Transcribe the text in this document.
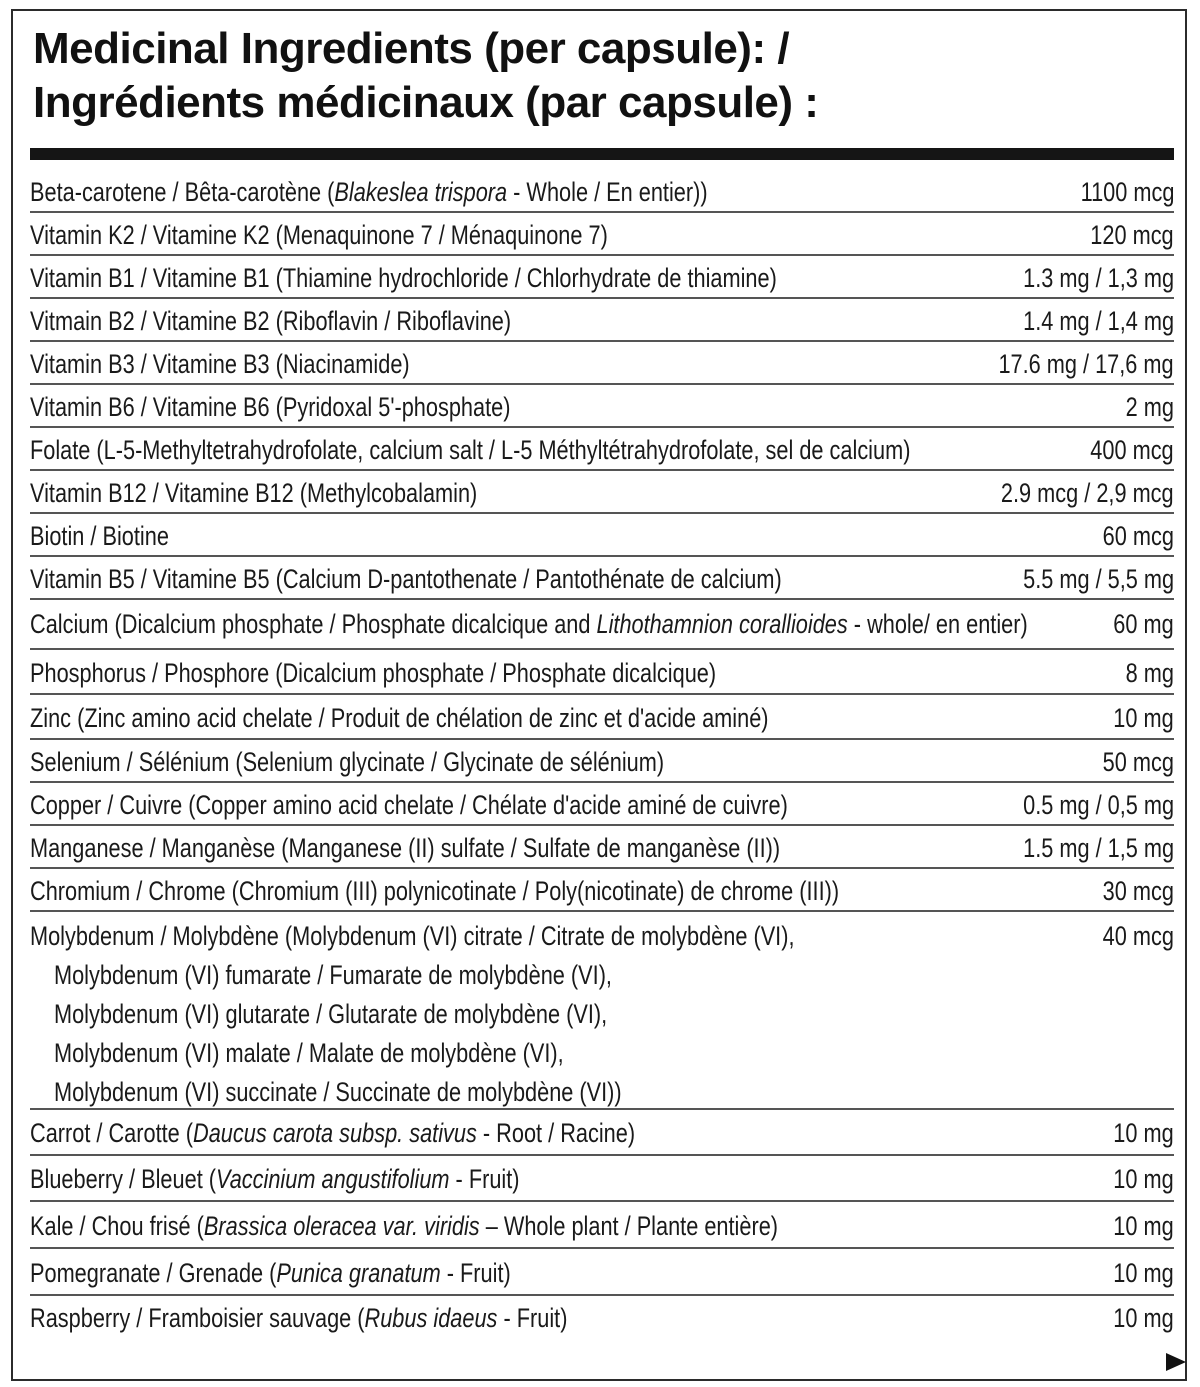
Medicinal Ingredients (per capsule): /
Ingrédients médicinaux (par capsule) :
Beta-carotene / Bêta-carotène (Blakeslea trispora - Whole / En entier))	1100 mcg
Vitamin K2 / Vitamine K2 (Menaquinone 7 / Ménaquinone 7)	120 mcg
Vitamin B1 / Vitamine B1 (Thiamine hydrochloride / Chlorhydrate de thiamine)	1.3 mg / 1,3 mg
Vitmain B2 / Vitamine B2 (Riboflavin / Riboflavine)	1.4 mg / 1,4 mg
Vitamin B3 / Vitamine B3 (Niacinamide)	17.6 mg / 17,6 mg
Vitamin B6 / Vitamine B6 (Pyridoxal 5'-phosphate)	2 mg
Folate (L-5-Methyltetrahydrofolate, calcium salt / L-5 Méthyltétrahydrofolate, sel de calcium)	400 mcg
Vitamin B12 / Vitamine B12 (Methylcobalamin)	2.9 mcg / 2,9 mcg
Biotin / Biotine	60 mcg
Vitamin B5 / Vitamine B5 (Calcium D-pantothenate / Pantothénate de calcium)	5.5 mg / 5,5 mg
Calcium (Dicalcium phosphate / Phosphate dicalcique and Lithothamnion corallioides - whole/ en entier)	60 mg
Phosphorus / Phosphore (Dicalcium phosphate / Phosphate dicalcique)	8 mg
Zinc (Zinc amino acid chelate / Produit de chélation de zinc et d'acide aminé)	10 mg
Selenium / Sélénium (Selenium glycinate / Glycinate de sélénium)	50 mcg
Copper / Cuivre (Copper amino acid chelate / Chélate d'acide aminé de cuivre)	0.5 mg / 0,5 mg
Manganese / Manganèse (Manganese (II) sulfate / Sulfate de manganèse (II))	1.5 mg / 1,5 mg
Chromium / Chrome (Chromium (III) polynicotinate / Poly(nicotinate) de chrome (III))	30 mcg
Molybdenum / Molybdène (Molybdenum (VI) citrate / Citrate de molybdène (VI),	40 mcg
Molybdenum (VI) fumarate / Fumarate de molybdène (VI),
Molybdenum (VI) glutarate / Glutarate de molybdène (VI),
Molybdenum (VI) malate / Malate de molybdène (VI),
Molybdenum (VI) succinate / Succinate de molybdène (VI))
Carrot / Carotte (Daucus carota subsp. sativus - Root / Racine)	10 mg
Blueberry / Bleuet (Vaccinium angustifolium - Fruit)	10 mg
Kale / Chou frisé (Brassica oleracea var. viridis – Whole plant / Plante entière)	10 mg
Pomegranate / Grenade (Punica granatum - Fruit)	10 mg
Raspberry / Framboisier sauvage (Rubus idaeus - Fruit)	10 mg
